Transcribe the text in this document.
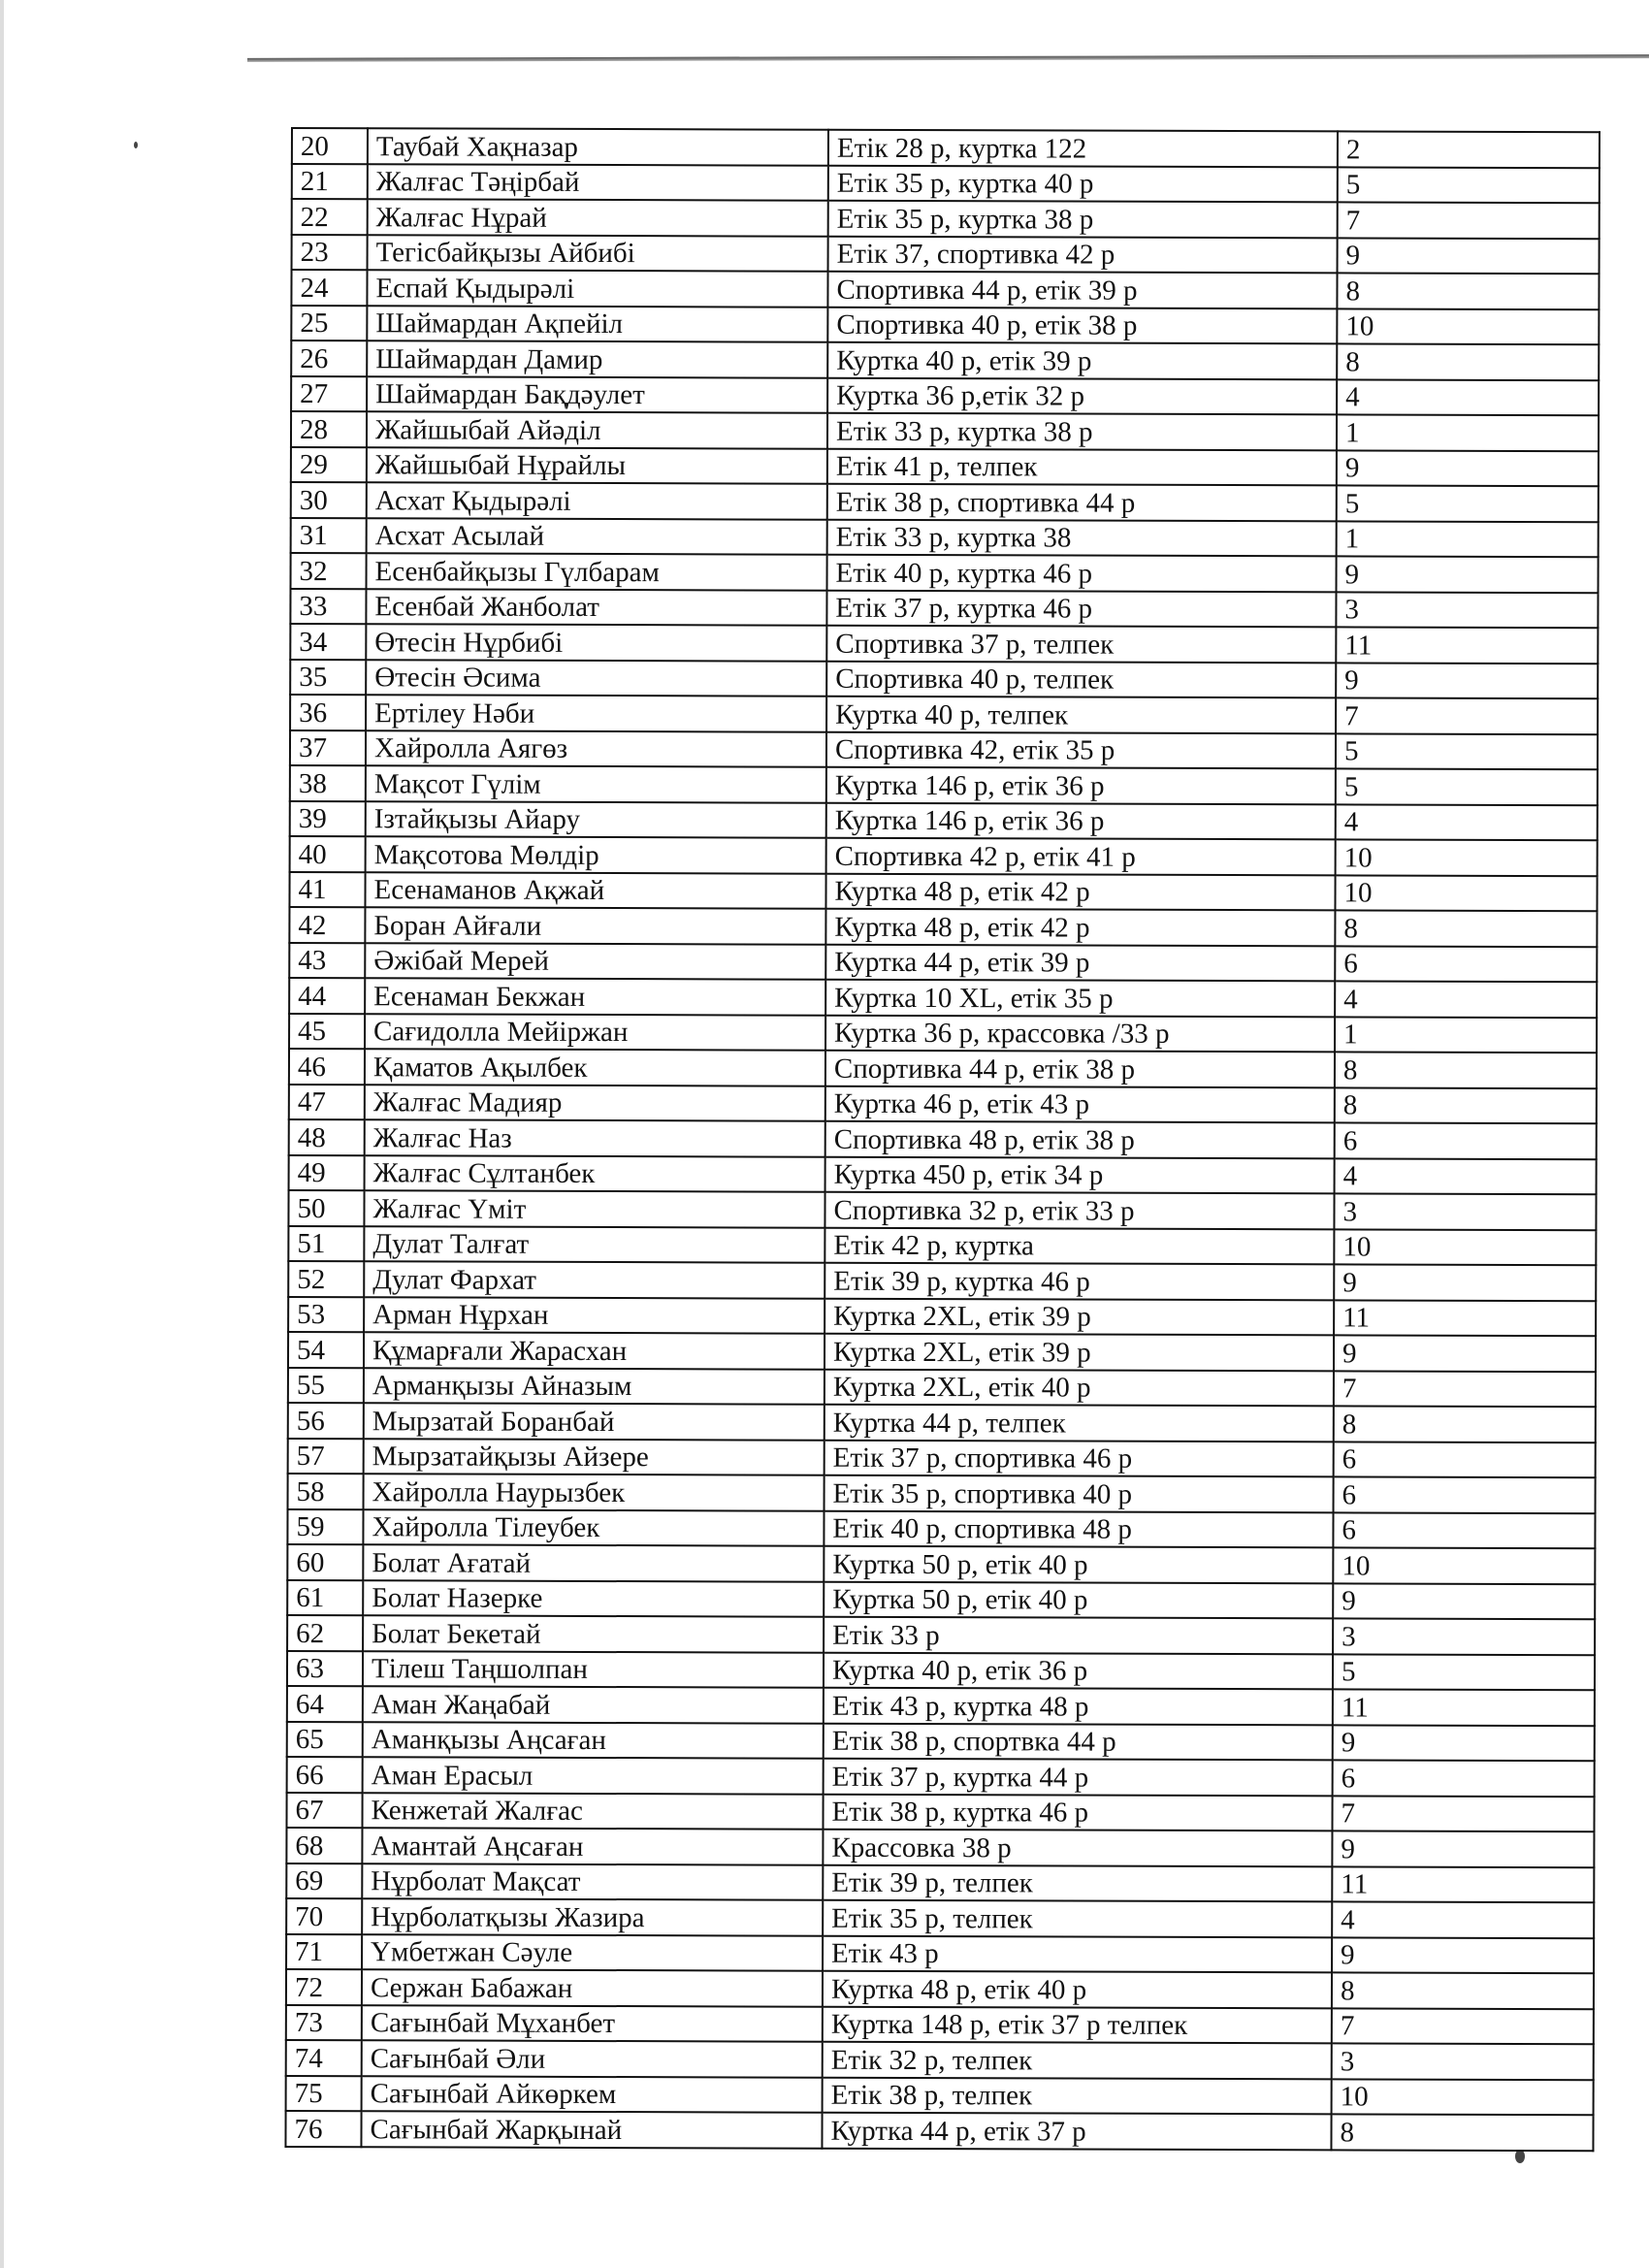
20	Таубай Хақназар	Етік 28 р, куртка 122	2
21	Жалғас Тәңірбай	Етік 35 р, куртка 40 р	5
22	Жалғас Нұрай	Етік 35 р, куртка 38 р	7
23	Тегісбайқызы Айбибі	Етік 37, спортивка 42 р	9
24	Еспай Қыдырәлі	Спортивка 44 р, етік 39 р	8
25	Шаймардан Ақпейіл	Спортивка 40 р, етік 38 р	10
26	Шаймардан Дамир	Куртка 40 р, етік 39 р	8
27	Шаймардан Бақдәулет	Куртка 36 р,етік 32 р	4
28	Жайшыбай Айәділ	Етік 33 р, куртка 38 р	1
29	Жайшыбай Нұрайлы	Етік 41 р, телпек	9
30	Асхат Қыдырәлі	Етік 38 р, спортивка 44 р	5
31	Асхат Асылай	Етік 33 р, куртка 38	1
32	Есенбайқызы Гүлбарам	Етік 40 р, куртка 46 р	9
33	Есенбай Жанболат	Етік 37 р, куртка 46 р	3
34	Өтесін Нұрбибі	Спортивка 37 р, телпек	11
35	Өтесін Әсима	Спортивка 40 р, телпек	9
36	Ертілеу Нәби	Куртка 40 р, телпек	7
37	Хайролла Аягөз	Спортивка 42, етік 35 р	5
38	Мақсот Гүлім	Куртка 146 р, етік 36 р	5
39	Ізтайқызы Айару	Куртка 146 р, етік 36 р	4
40	Мақсотова Мөлдір	Спортивка 42 р, етік 41 р	10
41	Есенаманов Ақжай	Куртка 48 р, етік 42 р	10
42	Боран Айғали	Куртка 48 р, етік 42 р	8
43	Әжібай Мерей	Куртка 44 р, етік 39 р	6
44	Есенаман Бекжан	Куртка 10 XL, етік 35 р	4
45	Сағидолла Мейіржан	Куртка 36 р, крассовка /33 р	1
46	Қаматов Ақылбек	Спортивка 44 р, етік 38 р	8
47	Жалғас Мадияр	Куртка 46 р, етік 43 р	8
48	Жалғас Наз	Спортивка 48 р, етік 38 р	6
49	Жалғас Сұлтанбек	Куртка 450 р, етік 34 р	4
50	Жалғас Үміт	Спортивка 32 р, етік 33 р	3
51	Дулат Талғат	Етік 42 р, куртка	10
52	Дулат Фархат	Етік 39 р, куртка 46 р	9
53	Арман Нұрхан	Куртка 2XL, етік 39 р	11
54	Құмарғали Жарасхан	Куртка 2XL, етік 39 р	9
55	Арманқызы Айназым	Куртка 2XL, етік 40 р	7
56	Мырзатай Боранбай	Куртка 44 р, телпек	8
57	Мырзатайқызы Айзере	Етік 37 р, спортивка 46 р	6
58	Хайролла Наурызбек	Етік 35 р, спортивка 40 р	6
59	Хайролла Тілеубек	Етік 40 р, спортивка 48 р	6
60	Болат Ағатай	Куртка 50 р, етік 40 р	10
61	Болат Назерке	Куртка 50 р, етік 40 р	9
62	Болат Бекетай	Етік 33 р	3
63	Тілеш Таңшолпан	Куртка 40 р, етік 36 р	5
64	Аман Жаңабай	Етік 43 р, куртка 48 р	11
65	Аманқызы Аңсаған	Етік 38 р, спортвка 44 р	9
66	Аман Ерасыл	Етік 37 р, куртка 44 р	6
67	Кенжетай Жалғас	Етік 38 р, куртка 46 р	7
68	Амантай Аңсаған	Крассовка 38 р	9
69	Нұрболат Мақсат	Етік 39 р, телпек	11
70	Нұрболатқызы Жазира	Етік 35 р, телпек	4
71	Үмбетжан Сәуле	Етік 43 р	9
72	Сержан Бабажан	Куртка 48 р, етік 40 р	8
73	Сағынбай Мұханбет	Куртка 148 р, етік 37 р телпек	7
74	Сағынбай Әли	Етік 32 р, телпек	3
75	Сағынбай Айкөркем	Етік 38 р, телпек	10
76	Сағынбай Жарқынай	Куртка 44 р, етік 37 р	8
